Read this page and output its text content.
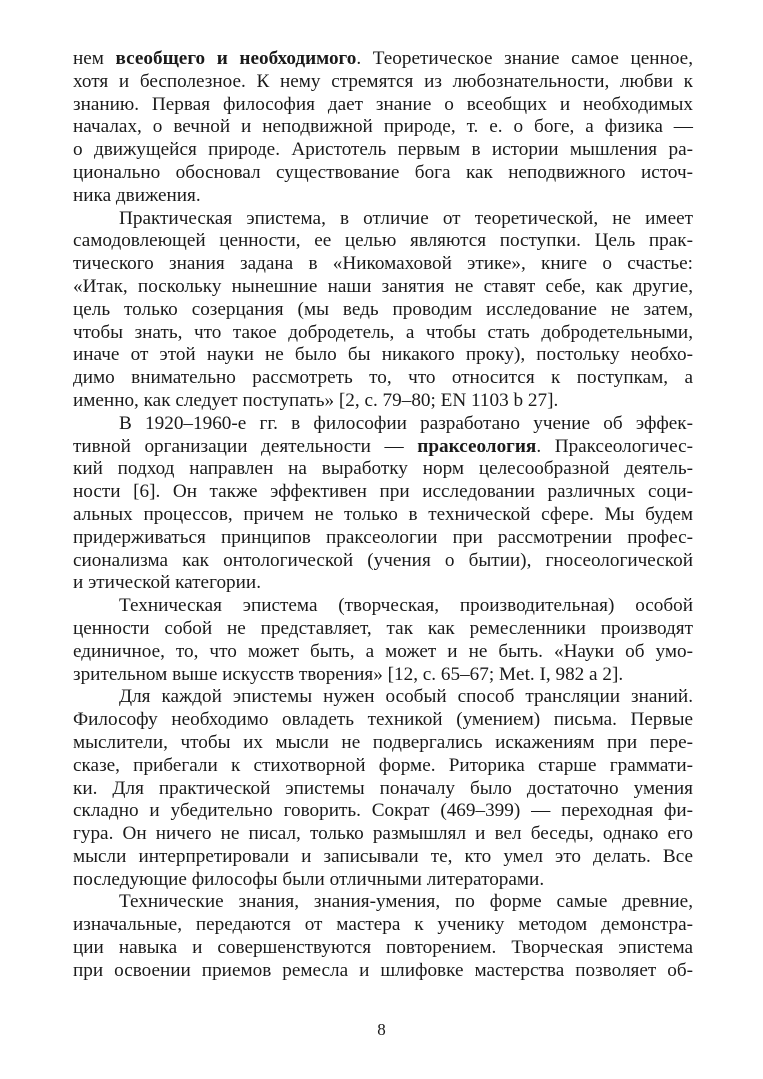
нем всеобщего и необходимого. Теоретическое знание самое ценное,
хотя и бесполезное. К нему стремятся из любознательности, любви к
знанию. Первая философия дает знание о всеобщих и необходимых
началах, о вечной и неподвижной природе, т. е. о боге, а физика —
о движущейся природе. Аристотель первым в истории мышления ра-
ционально обосновал существование бога как неподвижного источ-
ника движения.
Практическая эпистема, в отличие от теоретической, не имеет
самодовлеющей ценности, ее целью являются поступки. Цель прак-
тического знания задана в «Никомаховой этике», книге о счастье:
«Итак, поскольку нынешние наши занятия не ставят себе, как другие,
цель только созерцания (мы ведь проводим исследование не затем,
чтобы знать, что такое добродетель, а чтобы стать добродетельными,
иначе от этой науки не было бы никакого проку), постольку необхо-
димо внимательно рассмотреть то, что относится к поступкам, а
именно, как следует поступать» [2, с. 79–80; EN 1103 b 27].
В 1920–1960-е гг. в философии разработано учение об эффек-
тивной организации деятельности — праксеология. Праксеологичес-
кий подход направлен на выработку норм целесообразной деятель-
ности [6]. Он также эффективен при исследовании различных соци-
альных процессов, причем не только в технической сфере. Мы будем
придерживаться принципов праксеологии при рассмотрении профес-
сионализма как онтологической (учения о бытии), гносеологической
и этической категории.
Техническая эпистема (творческая, производительная) особой
ценности собой не представляет, так как ремесленники производят
единичное, то, что может быть, а может и не быть. «Науки об умо-
зрительном выше искусств творения» [12, с. 65–67; Met. I, 982 a 2].
Для каждой эпистемы нужен особый способ трансляции знаний.
Философу необходимо овладеть техникой (умением) письма. Первые
мыслители, чтобы их мысли не подвергались искажениям при пере-
сказе, прибегали к стихотворной форме. Риторика старше граммати-
ки. Для практической эпистемы поначалу было достаточно умения
складно и убедительно говорить. Сократ (469–399) — переходная фи-
гура. Он ничего не писал, только размышлял и вел беседы, однако его
мысли интерпретировали и записывали те, кто умел это делать. Все
последующие философы были отличными литераторами.
Технические знания, знания-умения, по форме самые древние,
изначальные, передаются от мастера к ученику методом демонстра-
ции навыка и совершенствуются повторением. Творческая эпистема
при освоении приемов ремесла и шлифовке мастерства позволяет об-
8
